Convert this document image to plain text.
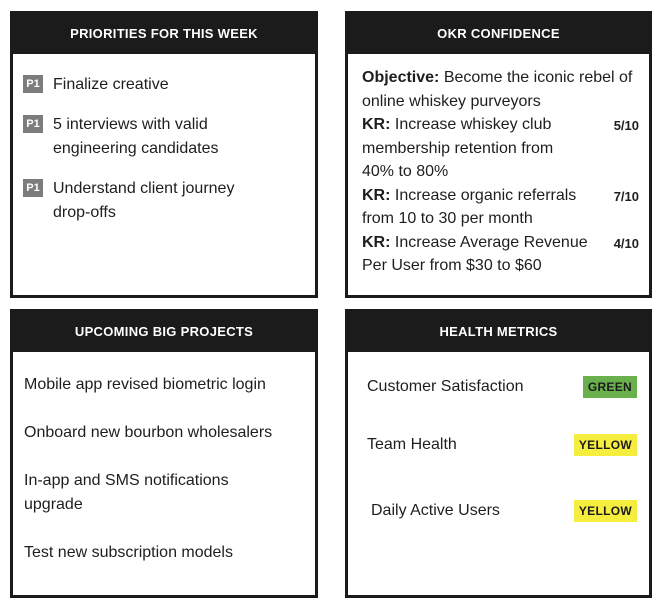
PRIORITIES FOR THIS WEEK
P1 Finalize creative
P1 5 interviews with valid engineering candidates
P1 Understand client journey drop-offs
OKR CONFIDENCE
Objective: Become the iconic rebel of online whiskey purveyors
KR: Increase whiskey club membership retention from 40% to 80%
5/10
KR: Increase organic referrals from 10 to 30 per month
7/10
KR: Increase Average Revenue Per User from $30 to $60
4/10
UPCOMING BIG PROJECTS
Mobile app revised biometric login
Onboard new bourbon wholesalers
In-app and SMS notifications upgrade
Test new subscription models
HEALTH METRICS
Customer Satisfaction	GREEN
Team Health	YELLOW
Daily Active Users	YELLOW
